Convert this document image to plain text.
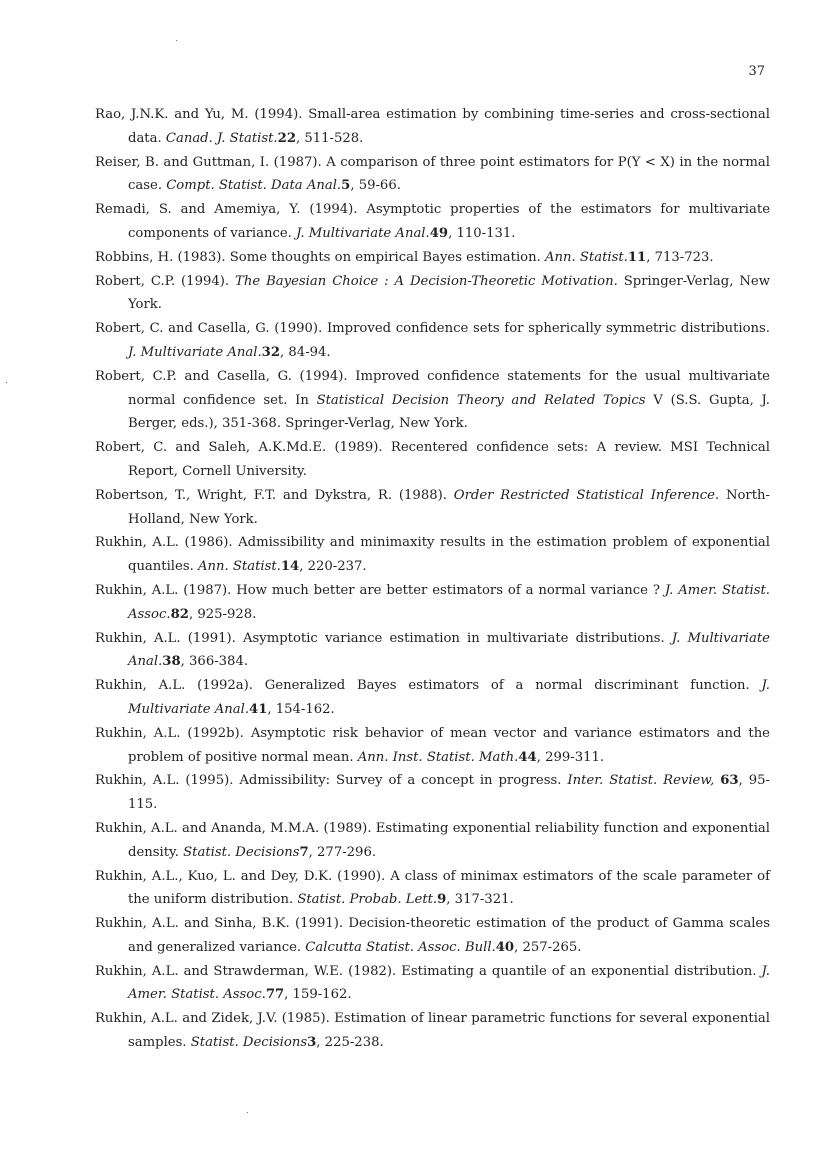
37
Rao, J.N.K. and Yu, M. (1994). Small-area estimation by combining time-series and cross-sectional data. Canad. J. Statist.22, 511-528.
Reiser, B. and Guttman, I. (1987). A comparison of three point estimators for P(Y < X) in the normal case. Compt. Statist. Data Anal.5, 59-66.
Remadi, S. and Amemiya, Y. (1994). Asymptotic properties of the estimators for multivariate components of variance. J. Multivariate Anal.49, 110-131.
Robbins, H. (1983). Some thoughts on empirical Bayes estimation. Ann. Statist.11, 713-723.
Robert, C.P. (1994). The Bayesian Choice : A Decision-Theoretic Motivation. Springer-Verlag, New York.
Robert, C. and Casella, G. (1990). Improved confidence sets for spherically symmetric distributions. J. Multivariate Anal.32, 84-94.
Robert, C.P. and Casella, G. (1994). Improved confidence statements for the usual multivariate normal confidence set. In Statistical Decision Theory and Related Topics V (S.S. Gupta, J. Berger, eds.), 351-368. Springer-Verlag, New York.
Robert, C. and Saleh, A.K.Md.E. (1989). Recentered confidence sets: A review. MSI Technical Report, Cornell University.
Robertson, T., Wright, F.T. and Dykstra, R. (1988). Order Restricted Statistical Inference. North-Holland, New York.
Rukhin, A.L. (1986). Admissibility and minimaxity results in the estimation problem of exponential quantiles. Ann. Statist.14, 220-237.
Rukhin, A.L. (1987). How much better are better estimators of a normal variance ? J. Amer. Statist. Assoc.82, 925-928.
Rukhin, A.L. (1991). Asymptotic variance estimation in multivariate distributions. J. Multivariate Anal.38, 366-384.
Rukhin, A.L. (1992a). Generalized Bayes estimators of a normal discriminant function. J. Multivariate Anal.41, 154-162.
Rukhin, A.L. (1992b). Asymptotic risk behavior of mean vector and variance estimators and the problem of positive normal mean. Ann. Inst. Statist. Math.44, 299-311.
Rukhin, A.L. (1995). Admissibility: Survey of a concept in progress. Inter. Statist. Review, 63, 95-115.
Rukhin, A.L. and Ananda, M.M.A. (1989). Estimating exponential reliability function and exponential density. Statist. Decisions7, 277-296.
Rukhin, A.L., Kuo, L. and Dey, D.K. (1990). A class of minimax estimators of the scale parameter of the uniform distribution. Statist. Probab. Lett.9, 317-321.
Rukhin, A.L. and Sinha, B.K. (1991). Decision-theoretic estimation of the product of Gamma scales and generalized variance. Calcutta Statist. Assoc. Bull.40, 257-265.
Rukhin, A.L. and Strawderman, W.E. (1982). Estimating a quantile of an exponential distribution. J. Amer. Statist. Assoc.77, 159-162.
Rukhin, A.L. and Zidek, J.V. (1985). Estimation of linear parametric functions for several exponential samples. Statist. Decisions3, 225-238.
